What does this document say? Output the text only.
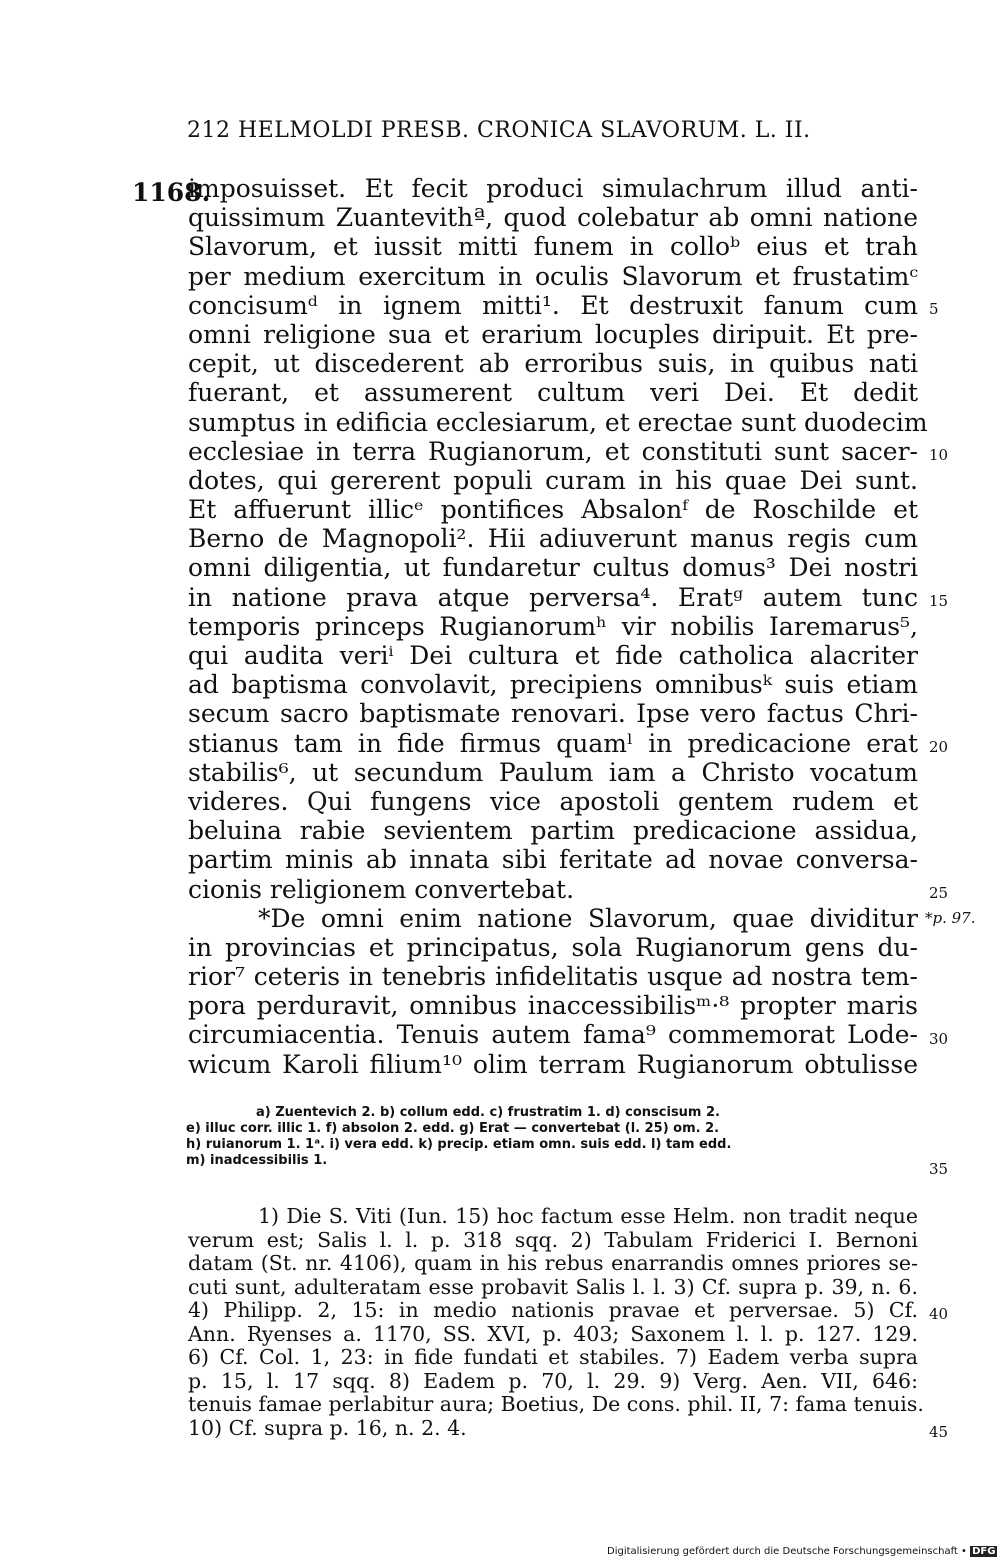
212 HELMOLDI PRESB. CRONICA SLAVORUM. L. II.
1168.
imposuisset. Et fecit produci simulachrum illud anti-
quissimum Zuantevithª, quod colebatur ab omni natione
Slavorum, et iussit mitti funem in colloᵇ eius et trah
per medium exercitum in oculis Slavorum et frustatimᶜ
concisumᵈ in ignem mitti¹. Et destruxit fanum cum
omni religione sua et erarium locuples diripuit. Et pre-
cepit, ut discederent ab erroribus suis, in quibus nati
fuerant, et assumerent cultum veri Dei. Et dedit
sumptus in edificia ecclesiarum, et erectae sunt duodecim
ecclesiae in terra Rugianorum, et constituti sunt sacer-
dotes, qui gererent populi curam in his quae Dei sunt.
Et affuerunt illicᵉ pontifices Absalonᶠ de Roschilde et
Berno de Magnopoli². Hii adiuverunt manus regis cum
omni diligentia, ut fundaretur cultus domus³ Dei nostri
in natione prava atque perversa⁴. Eratᵍ autem tunc
temporis princeps Rugianorumʰ vir nobilis Iaremarus⁵,
qui audita veriⁱ Dei cultura et fide catholica alacriter
ad baptisma convolavit, precipiens omnibusᵏ suis etiam
secum sacro baptismate renovari. Ipse vero factus Chri-
stianus tam in fide firmus quamˡ in predicacione erat
stabilis⁶, ut secundum Paulum iam a Christo vocatum
videres. Qui fungens vice apostoli gentem rudem et
beluina rabie sevientem partim predicacione assidua,
partim minis ab innata sibi feritate ad novae conversa-
cionis religionem convertebat.
*De omni enim natione Slavorum, quae dividitur
in provincias et principatus, sola Rugianorum gens du-
rior⁷ ceteris in tenebris infidelitatis usque ad nostra tem-
pora perduravit, omnibus inaccessibilisᵐ·⁸ propter maris
circumiacentia. Tenuis autem fama⁹ commemorat Lode-
wicum Karoli filium¹⁰ olim terram Rugianorum obtulisse
5
10
15
20
25
30
35
40
45
*p. 97.
a) Zuentevich 2. b) collum edd. c) frustratim 1. d) conscisum 2.
e) illuc corr. illic 1. f) absolon 2. edd. g) Erat — convertebat (l. 25) om. 2.
h) ruianorum 1. 1ᵃ. i) vera edd. k) precip. etiam omn. suis edd. l) tam edd.
m) inadcessibilis 1.
1) Die S. Viti (Iun. 15) hoc factum esse Helm. non tradit neque
verum est; Salis l. l. p. 318 sqq. 2) Tabulam Friderici I. Bernoni
datam (St. nr. 4106), quam in his rebus enarrandis omnes priores se-
cuti sunt, adulteratam esse probavit Salis l. l. 3) Cf. supra p. 39, n. 6.
4) Philipp. 2, 15: in medio nationis pravae et perversae. 5) Cf.
Ann. Ryenses a. 1170, SS. XVI, p. 403; Saxonem l. l. p. 127. 129.
6) Cf. Col. 1, 23: in fide fundati et stabiles. 7) Eadem verba supra
p. 15, l. 17 sqq. 8) Eadem p. 70, l. 29. 9) Verg. Aen. VII, 646:
tenuis famae perlabitur aura; Boetius, De cons. phil. II, 7: fama tenuis.
10) Cf. supra p. 16, n. 2. 4.
Digitalisierung gefördert durch die Deutsche Forschungsgemeinschaft • DFG
